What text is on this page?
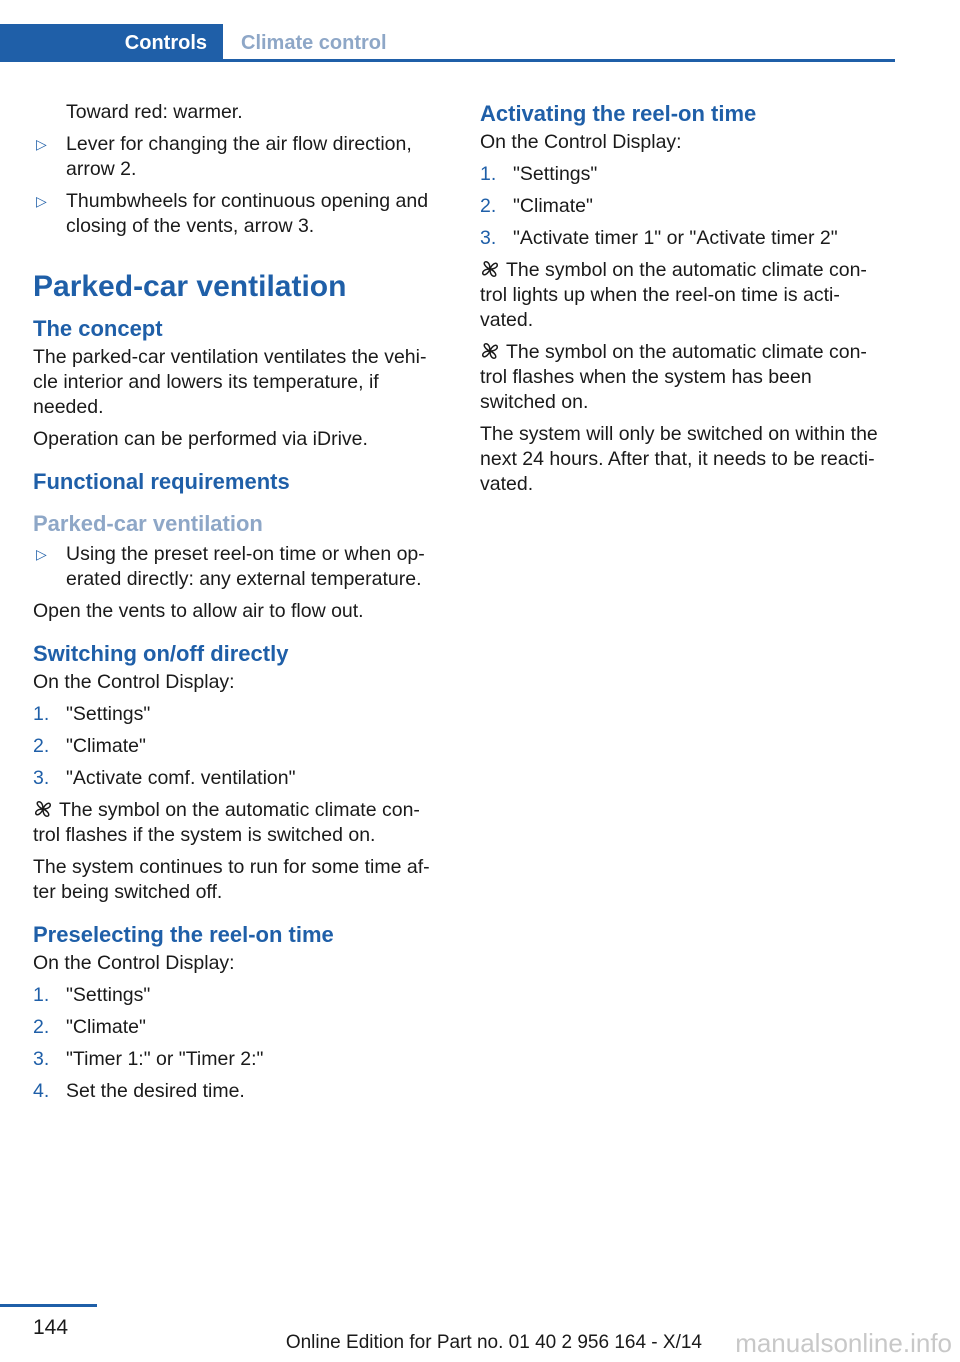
Controls	Climate control

Toward red: warmer.

▷ Lever for changing the air flow direction, arrow 2.
▷ Thumbwheels for continuous opening and closing of the vents, arrow 3.
Parked-car ventilation
The concept

The parked-car ventilation ventilates the vehi-cle interior and lowers its temperature, if needed.

Operation can be performed via iDrive.

Functional requirements
Parked-car ventilation
▷ Using the preset reel-on time or when op-erated directly: any external temperature.

Open the vents to allow air to flow out.

Switching on/off directly

On the Control Display:

1. "Settings"
2. "Climate"
3. "Activate comf. ventilation"

The symbol on the automatic climate con-trol flashes if the system is switched on.

The system continues to run for some time af-ter being switched off.

Preselecting the reel-on time

On the Control Display:

1. "Settings"
2. "Climate"
3. "Timer 1:" or "Timer 2:"
4. Set the desired time.
Activating the reel-on time

On the Control Display:

1. "Settings"
2. "Climate"
3. "Activate timer 1" or "Activate timer 2"

The symbol on the automatic climate con-trol lights up when the reel-on time is acti-vated.

The symbol on the automatic climate con-trol flashes when the system has been switched on.

The system will only be switched on within the next 24 hours. After that, it needs to be reacti-vated.

144
Online Edition for Part no. 01 40 2 956 164 - X/14 manualsonline.info
